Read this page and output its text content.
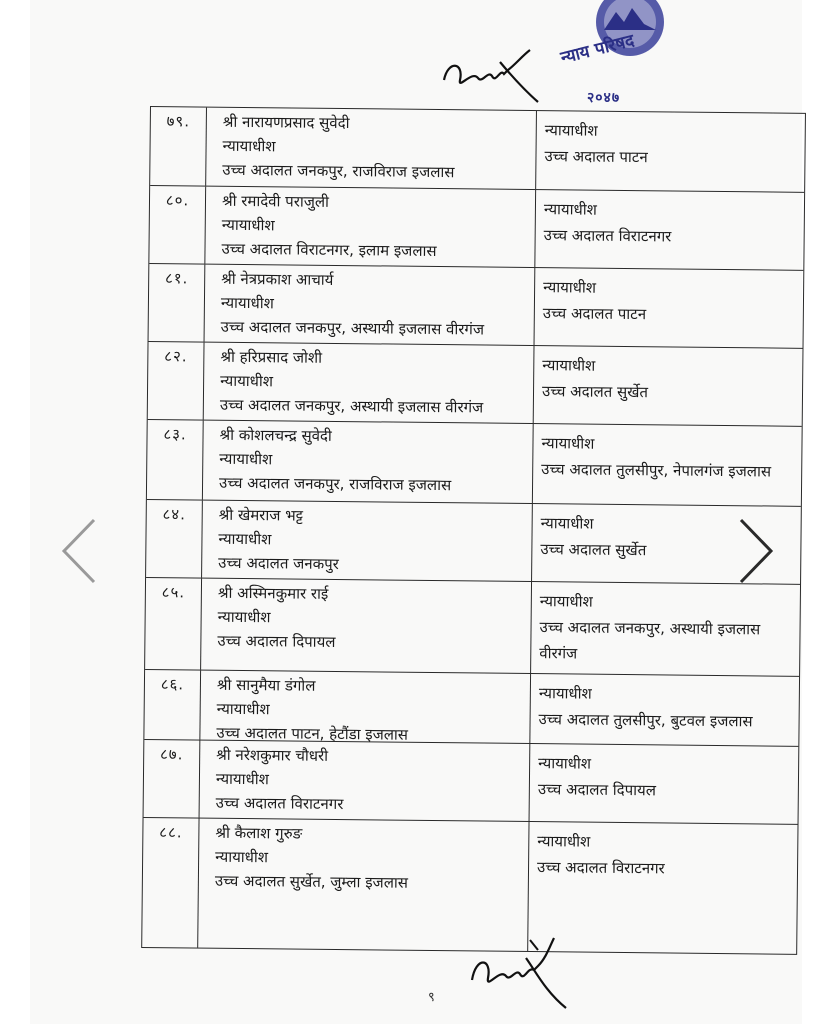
न्याय परिषद
२०४७
७९.	श्री नारायणप्रसाद सुवेदी
न्यायाधीश
उच्च अदालत जनकपुर, राजविराज इजलास
न्यायाधीश
उच्च अदालत पाटन
८०.	श्री रमादेवी पराजुली
न्यायाधीश
उच्च अदालत विराटनगर, इलाम इजलास
न्यायाधीश
उच्च अदालत विराटनगर
८१.	श्री नेत्रप्रकाश आचार्य
न्यायाधीश
उच्च अदालत जनकपुर, अस्थायी इजलास वीरगंज
न्यायाधीश
उच्च अदालत पाटन
८२.	श्री हरिप्रसाद जोशी
न्यायाधीश
उच्च अदालत जनकपुर, अस्थायी इजलास वीरगंज
न्यायाधीश
उच्च अदालत सुर्खेत
८३.	श्री कोशलचन्द्र सुवेदी
न्यायाधीश
उच्च अदालत जनकपुर, राजविराज इजलास
न्यायाधीश
उच्च अदालत तुलसीपुर, नेपालगंज इजलास
८४.	श्री खेमराज भट्ट
न्यायाधीश
उच्च अदालत जनकपुर
न्यायाधीश
उच्च अदालत सुर्खेत
८५.	श्री अस्मिनकुमार राई
न्यायाधीश
उच्च अदालत दिपायल
न्यायाधीश
उच्च अदालत जनकपुर, अस्थायी इजलास वीरगंज
८६.	श्री सानुमैया डंगोल
न्यायाधीश
उच्च अदालत पाटन, हेटौंडा इजलास
न्यायाधीश
उच्च अदालत तुलसीपुर, बुटवल इजलास
८७.	श्री नरेशकुमार चौधरी
न्यायाधीश
उच्च अदालत विराटनगर
न्यायाधीश
उच्च अदालत दिपायल
८८.	श्री कैलाश गुरुङ
न्यायाधीश
उच्च अदालत सुर्खेत, जुम्ला इजलास
न्यायाधीश
उच्च अदालत विराटनगर
९
